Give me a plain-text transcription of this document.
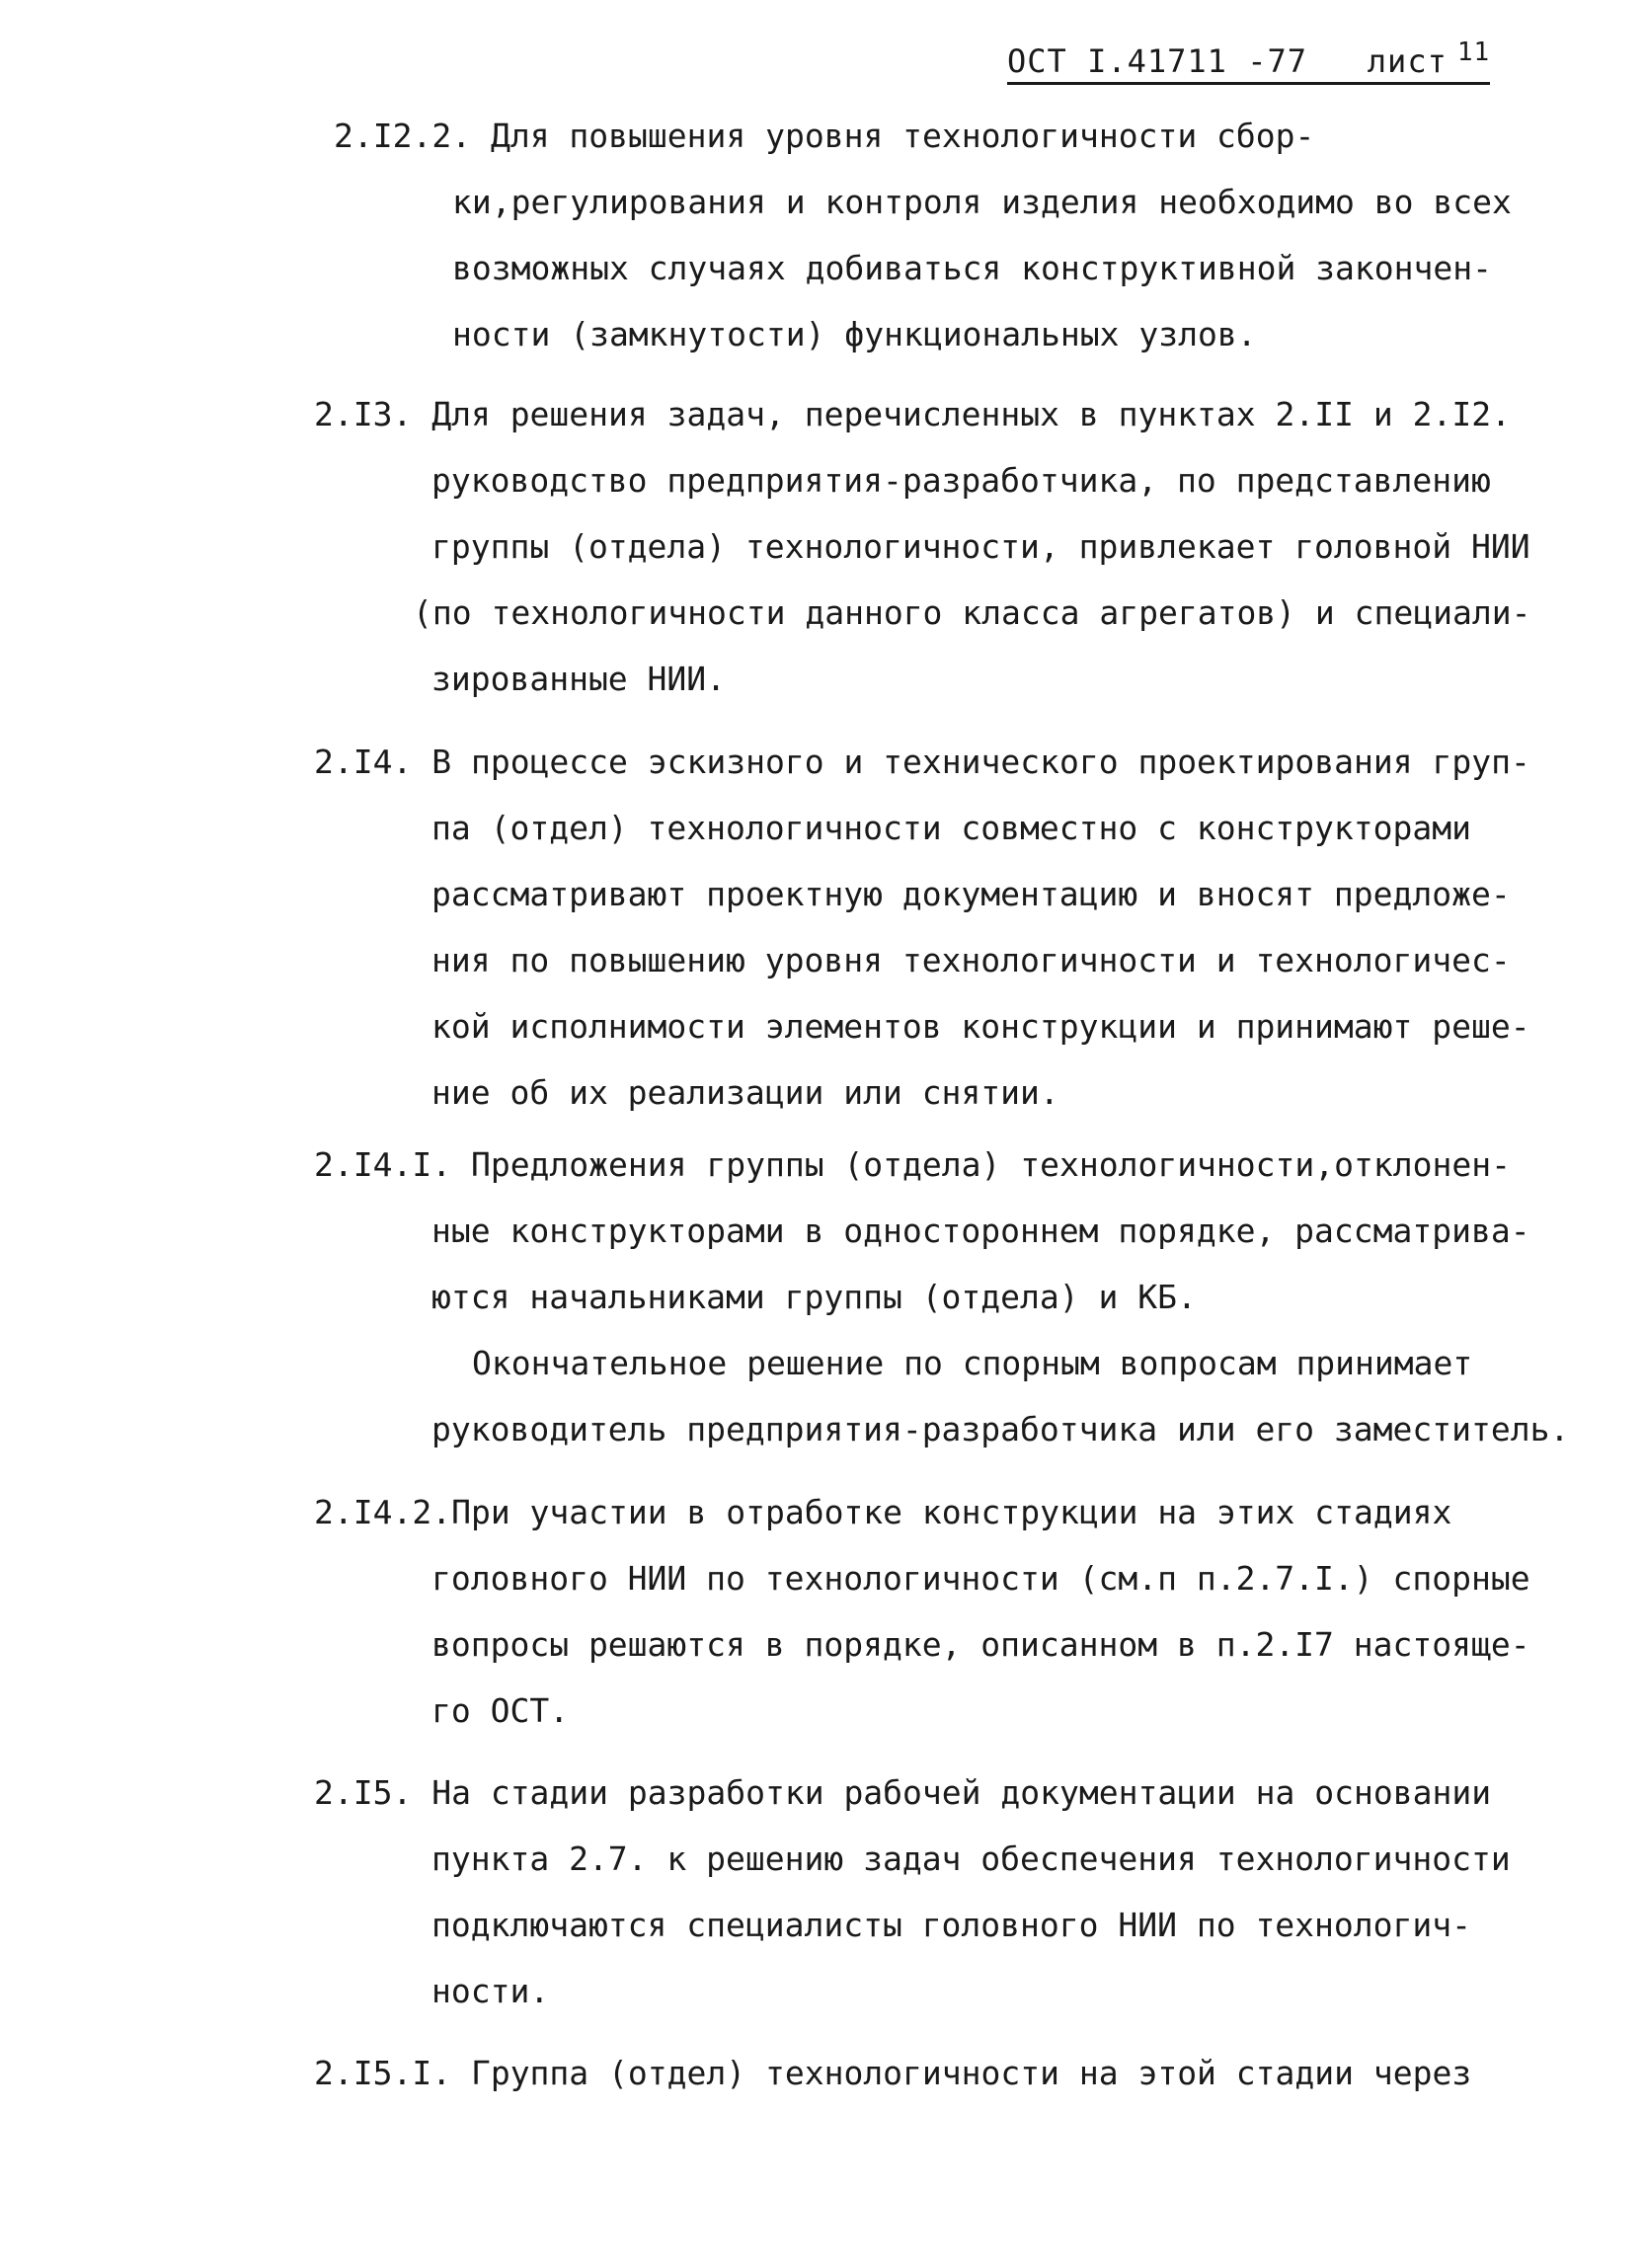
ОСТ I.41711 -77 лист $^{11}$
2.I2.2. Для повышения уровня технологичности сбор-
ки,регулирования и контроля изделия необходимо во всех
возможных случаях добиваться конструктивной закончен-
ности (замкнутости) функциональных узлов.
2.I3. Для решения задач, перечисленных в пунктах 2.II и 2.I2.
руководство предприятия-разработчика, по представлению
группы (отдела) технологичности, привлекает головной НИИ
(по технологичности данного класса агрегатов) и специали-
зированные НИИ.
2.I4. В процессе эскизного и технического проектирования груп-
па (отдел) технологичности совместно с конструкторами
рассматривают проектную документацию и вносят предложе-
ния по повышению уровня технологичности и технологичес-
кой исполнимости элементов конструкции и принимают реше-
ние об их реализации или снятии.
2.I4.I. Предложения группы (отдела) технологичности,отклонен-
ные конструкторами в одностороннем порядке, рассматрива-
ются начальниками группы (отдела) и КБ.
Окончательное решение по спорным вопросам принимает
руководитель предприятия-разработчика или его заместитель.
2.I4.2.При участии в отработке конструкции на этих стадиях
головного НИИ по технологичности (см.п п.2.7.I.) спорные
вопросы решаются в порядке, описанном в п.2.I7 настояще-
го ОСТ.
2.I5. На стадии разработки рабочей документации на основании
пункта 2.7. к решению задач обеспечения технологичности
подключаются специалисты головного НИИ по технологич-
ности.
2.I5.I. Группа (отдел) технологичности на этой стадии через
